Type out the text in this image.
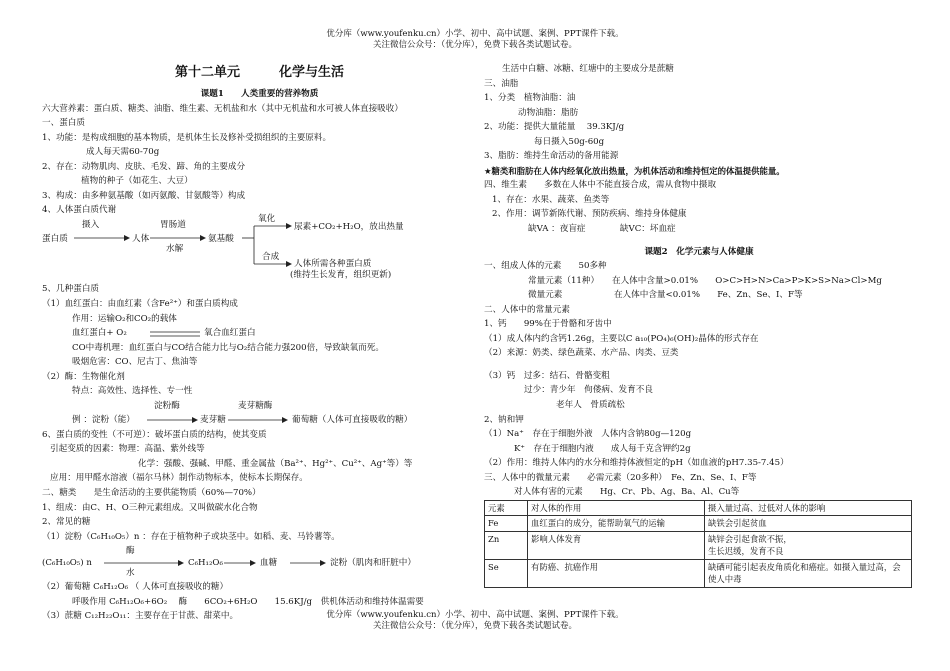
优分库（www.youfenku.cn）小学、初中、高中试题、案例、PPT课件下载。
关注微信公众号：（优分库），免费下载各类试题试卷。
第十二单元　　　化学与生活
课题1　　人类重要的营养物质
六大营养素：蛋白质、糖类、油脂、维生素、无机盐和水（其中无机盐和水可被人体直接吸收）
一、蛋白质
1、功能：是构成细胞的基本物质，是机体生长及修补受损组织的主要原料。
成人每天需60-70g
2、存在：动物肌肉、皮肤、毛发、蹄、角的主要成分
植物的种子（如花生、大豆）
3、构成：由多种氨基酸（如丙氨酸、甘氨酸等）构成
4、人体蛋白质代谢
摄入
蛋白质	人体
胃肠道
水解
氨基酸
氧化
尿素+CO₂+H₂O，放出热量
合成
人体所需各种蛋白质
(维持生长发育，组织更新)
5、几种蛋白质
（1）血红蛋白：由血红素（含Fe²⁺）和蛋白质构成
作用：运输O₂和CO₂的载体
血红蛋白+ O₂	氧合血红蛋白
CO中毒机理：血红蛋白与CO结合能力比与O₂结合能力强200倍，导致缺氧而死。
吸烟危害：CO、尼古丁、焦油等
（2）酶：生物催化剂
特点：高效性、选择性、专一性
淀粉酶	麦芽糖酶
例 ：淀粉（能）	麦芽糖	葡萄糖（人体可直接吸收的糖）
6、蛋白质的变性（不可逆）：破坏蛋白质的结构，使其变质
引起变质的因素：物理：高温、紫外线等
化学：强酸、强碱、甲醛、重金属盐（Ba²⁺、Hg²⁺、Cu²⁺、Ag⁺等）等
应用：用甲醛水溶液（福尔马林）制作动物标本，使标本长期保存。
二、糖类　　是生命活动的主要供能物质（60%—70%）
1、组成：由C、H、O三种元素组成。又叫做碳水化合物
2、常见的糖
（1）淀粉（C₆H₁₀O₅）n ：存在于植物种子或块茎中。如稻、麦、马铃薯等。
酶
(C₆H₁₀O₅) n
水
C₆H₁₂O₆	血糖	淀粉（肌肉和肝脏中）
（2）葡萄糖 C₆H₁₂O₆ （ 人体可直接吸收的糖）
呼吸作用 C₆H₁₂O₆+6O₂　 酶　　6CO₂+6H₂O　　15.6KJ/g　供机体活动和维持体温需要
（3）蔗糖 C₁₂H₂₂O₁₁：主要存在于甘蔗、甜菜中。
生活中白糖、冰糖、红塘中的主要成分是蔗糖
三、油脂
1、分类　植物油脂：油
动物油脂：脂肪
2、功能：提供大量能量　 39.3KJ/g
每日摄入50g-60g
3、脂肪：维持生命活动的备用能源
★糖类和脂肪在人体内经氧化放出热量，为机体活动和维持恒定的体温提供能量。
四、维生素　　多数在人体中不能直接合成，需从食物中摄取
1、存在：水果、蔬菜、鱼类等
2、作用：调节新陈代谢、预防疾病、维持身体健康
缺VA ：夜盲症　　　　缺VC：坏血症
课题2　化学元素与人体健康
一、组成人体的元素　　50多种
常量元素（11种）　　在人体中含量>0.01%　　O>C>H>N>Ca>P>K>S>Na>Cl>Mg
微量元素　　　　　　在人体中含量<0.01%　　Fe、Zn、Se、I、F等
二、人体中的常量元素
1、钙　　99%在于骨骼和牙齿中
（1）成人体内约含钙1.26g，主要以C a₁₀(PO₄)₆(OH)₂晶体的形式存在
（2）来源：奶类、绿色蔬菜、水产品、肉类、豆类
（3）钙　过多：结石、骨骼变粗
过少：青少年　佝偻病、发育不良
老年人　骨质疏松
2、钠和钾
（1）Na⁺　存在于细胞外液　人体内含钠80g—120g
K⁺　存在于细胞内液　　成人每千克含钾约2g
（2）作用：维持人体内的水分和维持体液恒定的pH（如血液的pH7.35-7.45）
三、人体中的微量元素　　必需元素（20多种）　Fe、Zn、Se、I、F等
对人体有害的元素　　Hg、Cr、Pb、Ag、Ba、Al、Cu等
元素	对人体的作用	摄入量过高、过低对人体的影响
Fe	血红蛋白的成分，能帮助氧气的运输	缺铁会引起贫血
Zn	影响人体发育	缺锌会引起食欲不振，
生长迟缓，发育不良
Se	有防癌、抗癌作用	缺硒可能引起表皮角质化和癌症。如摄入量过高，会使人中毒
优分库（www.youfenku.cn）小学、初中、高中试题、案例、PPT课件下载。
关注微信公众号：（优分库），免费下载各类试题试卷。
